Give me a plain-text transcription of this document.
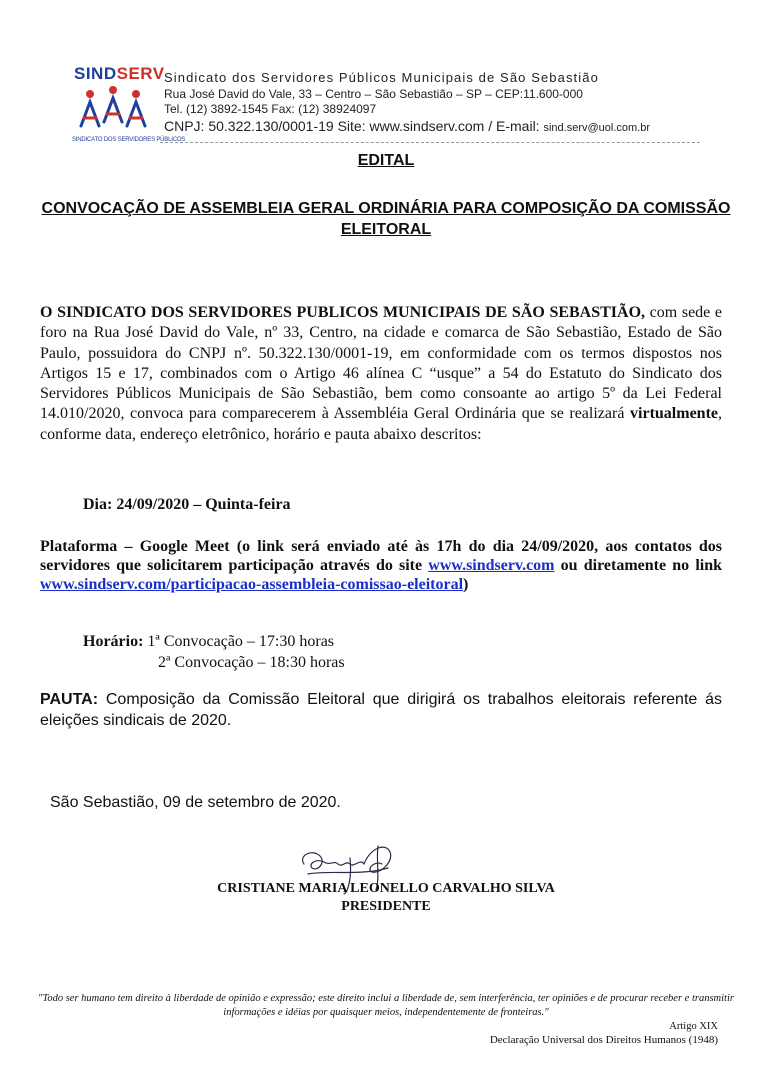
SINDSERV
SINDICATO DOS SERVIDORES PÚBLICOS
Sindicato dos Servidores Públicos Municipais de São Sebastião
Rua José David do Vale, 33 – Centro – São Sebastião – SP – CEP:11.600-000
Tel. (12) 3892-1545 Fax: (12) 38924097
CNPJ: 50.322.130/0001-19 Site: www.sindserv.com / E-mail: sind.serv@uol.com.br
EDITAL
CONVOCAÇÃO DE ASSEMBLEIA GERAL ORDINÁRIA PARA COMPOSIÇÃO DA COMISSÃO ELEITORAL
O SINDICATO DOS SERVIDORES PUBLICOS MUNICIPAIS DE SÃO SEBASTIÃO, com sede e foro na Rua José David do Vale, nº 33, Centro, na cidade e comarca de São Sebastião, Estado de São Paulo, possuidora do CNPJ nº. 50.322.130/0001-19, em conformidade com os termos dispostos nos Artigos 15 e 17, combinados com o Artigo 46 alínea C “usque” a 54 do Estatuto do Sindicato dos Servidores Públicos Municipais de São Sebastião, bem como consoante ao artigo 5º da Lei Federal 14.010/2020, convoca para comparecerem à Assembléia Geral Ordinária que se realizará virtualmente, conforme data, endereço eletrônico, horário e pauta abaixo descritos:
Dia: 24/09/2020 – Quinta-feira
Plataforma – Google Meet (o link será enviado até às 17h do dia 24/09/2020, aos contatos dos servidores que solicitarem participação através do site www.sindserv.com ou diretamente no link
www.sindserv.com/participacao-assembleia-comissao-eleitoral)
Horário: 1ª Convocação – 17:30 horas
2ª Convocação – 18:30 horas
PAUTA: Composição da Comissão Eleitoral que dirigirá os trabalhos eleitorais referente ás eleições sindicais de 2020.
São Sebastião, 09 de setembro de 2020.
CRISTIANE MARIA LEONELLO CARVALHO SILVA
PRESIDENTE
"Todo ser humano tem direito à liberdade de opinião e expressão; este direito inclui a liberdade de, sem interferência, ter opiniões e de procurar receber e transmitir informações e idéias por quaisquer meios, independentemente de fronteiras."
Artigo XIX
Declaração Universal dos Direitos Humanos (1948)
